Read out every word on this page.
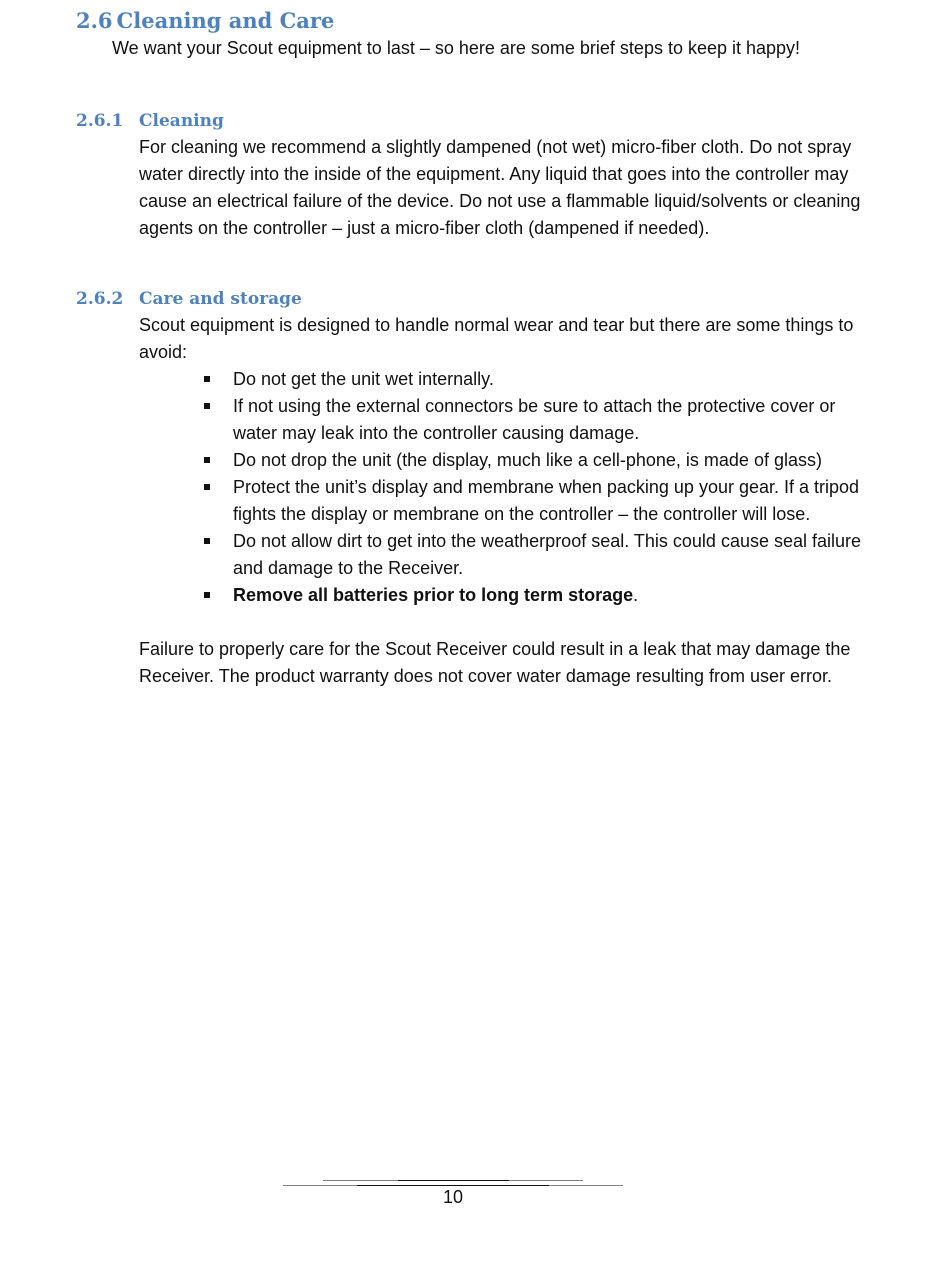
2.6 Cleaning and Care
We want your Scout equipment to last – so here are some brief steps to keep it happy!
2.6.1 Cleaning
For cleaning we recommend a slightly dampened (not wet) micro-fiber cloth. Do not spray
water directly into the inside of the equipment. Any liquid that goes into the controller may
cause an electrical failure of the device. Do not use a flammable liquid/solvents or cleaning
agents on the controller – just a micro-fiber cloth (dampened if needed).
2.6.2 Care and storage
Scout equipment is designed to handle normal wear and tear but there are some things to
avoid:
Do not get the unit wet internally.
If not using the external connectors be sure to attach the protective cover or
water may leak into the controller causing damage.
Do not drop the unit (the display, much like a cell-phone, is made of glass)
Protect the unit’s display and membrane when packing up your gear. If a tripod
fights the display or membrane on the controller – the controller will lose.
Do not allow dirt to get into the weatherproof seal. This could cause seal failure
and damage to the Receiver.
Remove all batteries prior to long term storage.
Failure to properly care for the Scout Receiver could result in a leak that may damage the
Receiver. The product warranty does not cover water damage resulting from user error.
10
